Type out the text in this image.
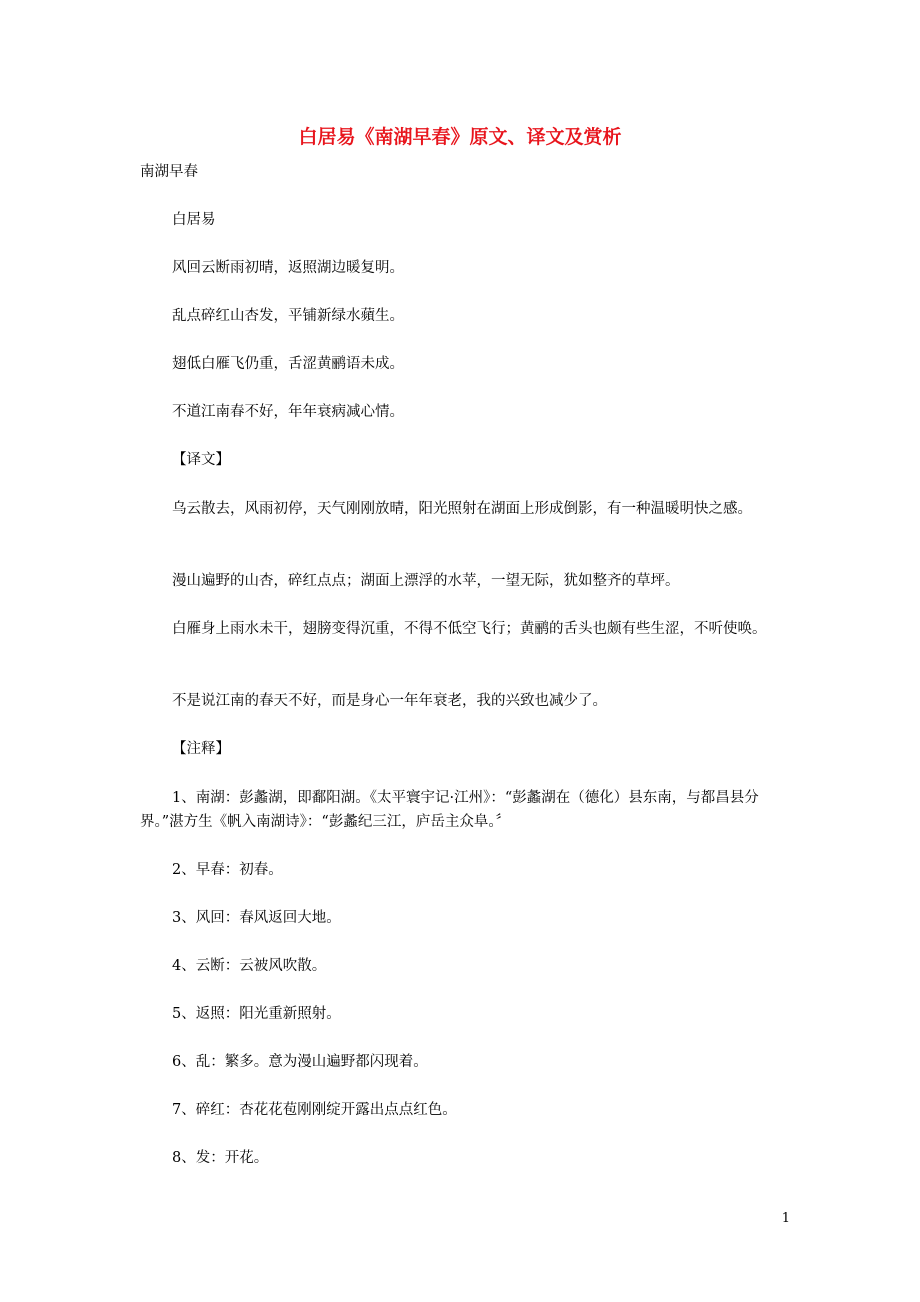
白居易《南湖早春》原文、译文及赏析

南湖早春

白居易

风回云断雨初晴，返照湖边暖复明。

乱点碎红山杏发，平铺新绿水蘋生。

翅低白雁飞仍重，舌涩黄鹂语未成。

不道江南春不好，年年衰病减心情。

【译文】

乌云散去，风雨初停，天气刚刚放晴，阳光照射在湖面上形成倒影，有一种温暖明快之感。

漫山遍野的山杏，碎红点点；湖面上漂浮的水苹，一望无际，犹如整齐的草坪。

白雁身上雨水未干，翅膀变得沉重，不得不低空飞行；黄鹂的舌头也颇有些生涩，不听使唤。

不是说江南的春天不好，而是身心一年年衰老，我的兴致也减少了。

【注释】

1、南湖：彭蠡湖，即鄱阳湖。《太平寰宇记·江州》：“彭蠡湖在（德化）县东南，与都昌县分界。”湛方生《帆入南湖诗》：“彭蠡纪三江，庐岳主众阜。〞

2、早春：初春。

3、风回：春风返回大地。

4、云断：云被风吹散。

5、返照：阳光重新照射。

6、乱：繁多。意为漫山遍野都闪现着。

7、碎红：杏花花苞刚刚绽开露出点点红色。

8、发：开花。

1
